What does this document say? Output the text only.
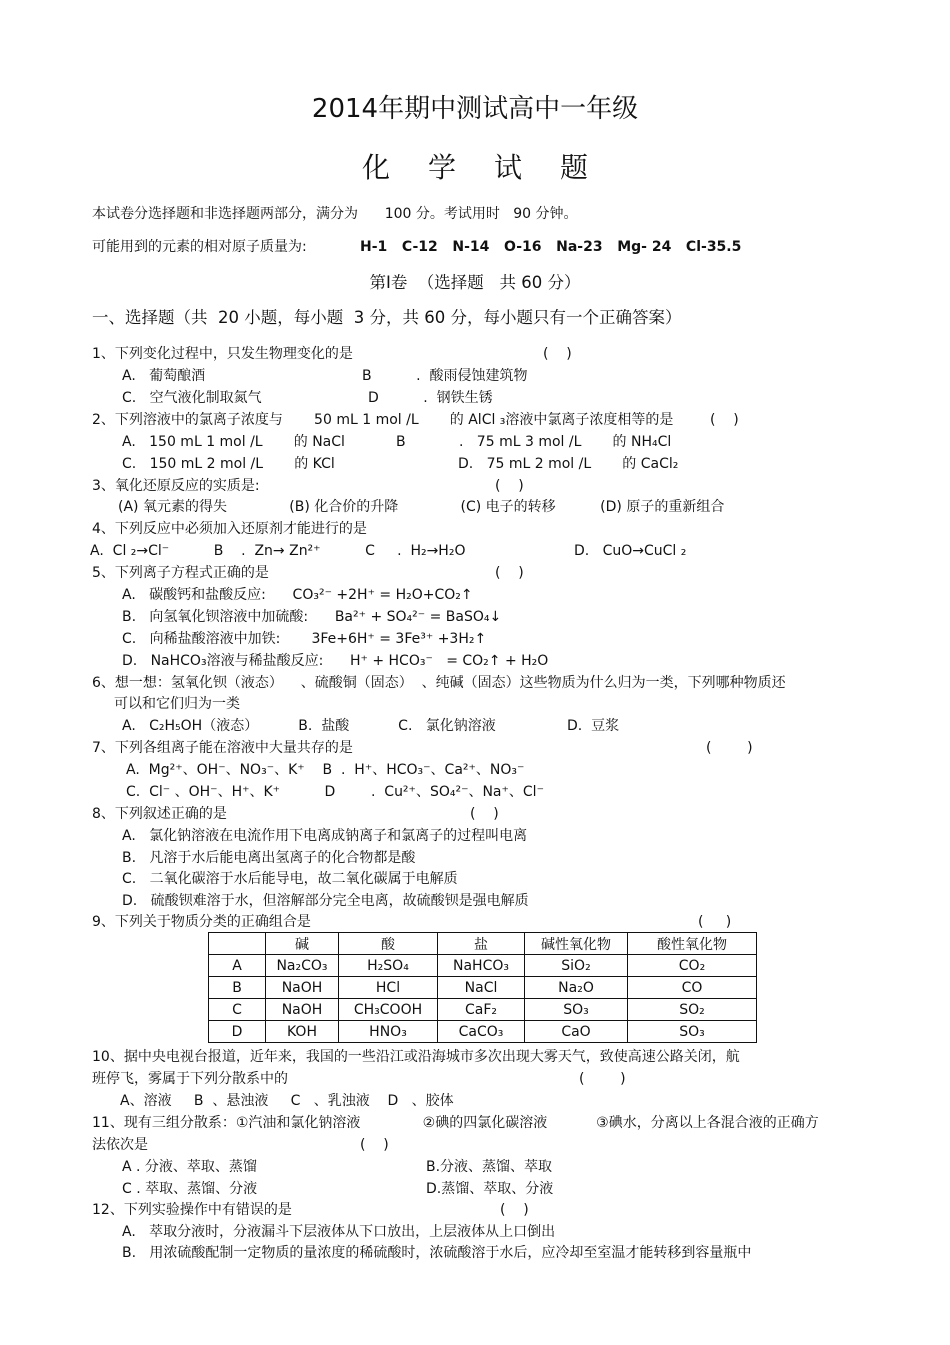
2014年期中测试高中一年级
化学试题
本试卷分选择题和非选择题两部分，满分为      100 分。考试用时   90 分钟。
可能用到的元素的相对原子质量为:	H-1   C-12   N-14   O-16   Na-23   Mg- 24   Cl-35.5
第Ⅰ卷  （选择题   共 60 分）
一、选择题（共  20 小题，每小题  3 分，共 60 分，每小题只有一个正确答案）
1、下列变化过程中，只发生物理变化的是	(    )
A.   葡萄酿酒	B          .  酸雨侵蚀建筑物
C.   空气液化制取氮气	D          .  钢铁生锈
2、下列溶液中的氯离子浓度与       50 mL 1 mol /L       的 AlCl ₃溶液中氯离子浓度相等的是	(    )
A.   150 mL 1 mol /L       的 NaCl	B            .   75 mL 3 mol /L       的 NH₄Cl
C.   150 mL 2 mol /L       的 KCl	D.   75 mL 2 mol /L       的 CaCl₂
3、氧化还原反应的实质是:	(    )
(A) 氧元素的得失              (B) 化合价的升降              (C) 电子的转移          (D) 原子的重新组合
4、下列反应中必须加入还原剂才能进行的是
A.  Cl ₂→Cl⁻          B    .  Zn→ Zn²⁺          C     .  H₂→H₂O	D.   CuO→CuCl ₂
5、下列离子方程式正确的是	(    )
A.   碳酸钙和盐酸反应:      CO₃²⁻ +2H⁺ = H₂O+CO₂↑
B.   向氢氧化钡溶液中加硫酸:      Ba²⁺ + SO₄²⁻ = BaSO₄↓
C.   向稀盐酸溶液中加铁:       3Fe+6H⁺ = 3Fe³⁺ +3H₂↑
D.   NaHCO₃溶液与稀盐酸反应:      H⁺ + HCO₃⁻   = CO₂↑ + H₂O
6、想一想：氢氧化钡（液态）    、硫酸铜（固态）  、纯碱（固态）这些物质为什么归为一类，下列哪种物质还
可以和它们归为一类
A.   C₂H₅OH（液态）         B.  盐酸           C.   氯化钠溶液                D.  豆浆
7、下列各组离子能在溶液中大量共存的是	(        )
A.  Mg²⁺、OH⁻、NO₃⁻、K⁺    B  .  H⁺、HCO₃⁻、Ca²⁺、NO₃⁻
C.  Cl⁻ 、OH⁻、H⁺、K⁺          D        .  Cu²⁺、SO₄²⁻、Na⁺、Cl⁻
8、下列叙述正确的是	(    )
A.   氯化钠溶液在电流作用下电离成钠离子和氯离子的过程叫电离
B.   凡溶于水后能电离出氢离子的化合物都是酸
C.   二氧化碳溶于水后能导电，故二氧化碳属于电解质
D.   硫酸钡难溶于水，但溶解部分完全电离，故硫酸钡是强电解质
9、下列关于物质分类的正确组合是	(     )
	碱	酸	盐	碱性氧化物	酸性氧化物
A	Na₂CO₃	H₂SO₄	NaHCO₃	SiO₂	CO₂
B	NaOH	HCl	NaCl	Na₂O	CO
C	NaOH	CH₃COOH	CaF₂	SO₃	SO₂
D	KOH	HNO₃	CaCO₃	CaO	SO₃
10、据中央电视台报道，近年来，我国的一些沿江或沿海城市多次出现大雾天气，致使高速公路关闭，航
班停飞，雾属于下列分散系中的	(        )
A、溶液     B  、悬浊液     C   、乳浊液    D   、胶体
11、现有三组分散系：①汽油和氯化钠溶液              ②碘的四氯化碳溶液           ③碘水，分离以上各混合液的正确方
法依次是	(    )
A . 分液、萃取、蒸馏	B.分液、蒸馏、萃取
C . 萃取、蒸馏、分液	D.蒸馏、萃取、分液
12、下列实验操作中有错误的是	(    )
A.   萃取分液时，分液漏斗下层液体从下口放出，上层液体从上口倒出
B.   用浓硫酸配制一定物质的量浓度的稀硫酸时，浓硫酸溶于水后，应冷却至室温才能转移到容量瓶中
